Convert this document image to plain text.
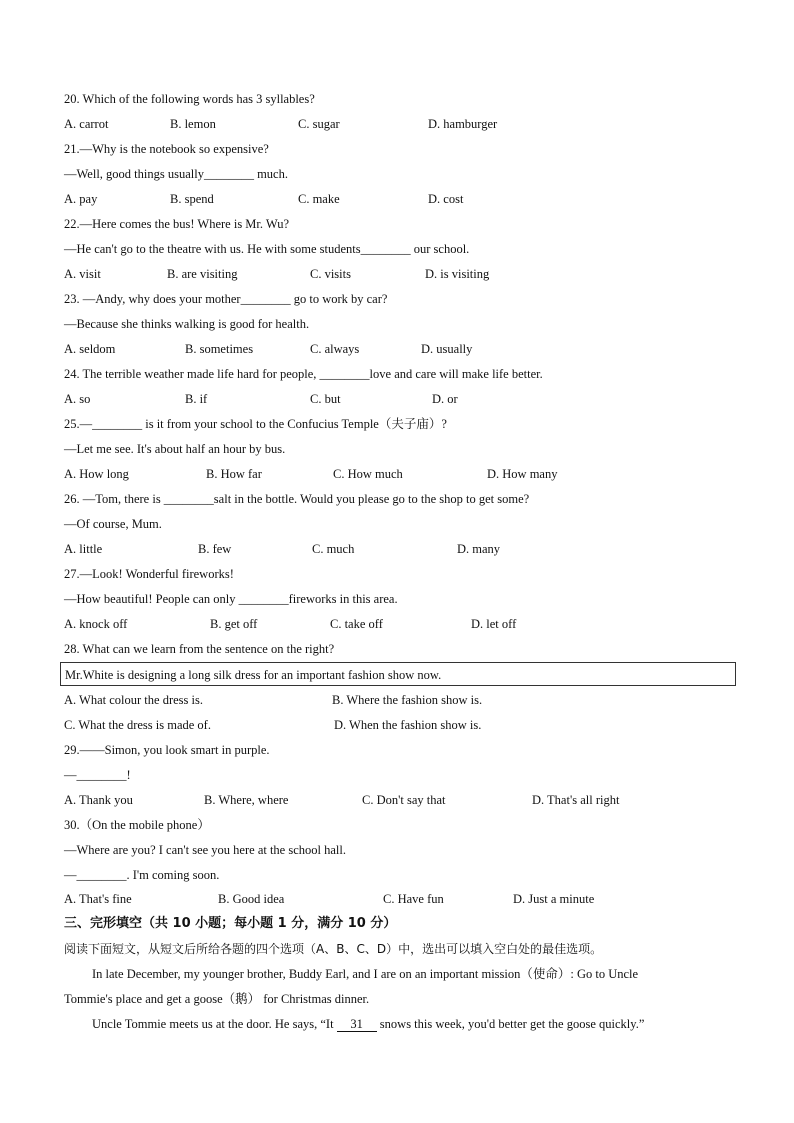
20. Which of the following words has 3 syllables?
A. carrot	B. lemon	C. sugar	D. hamburger
21.—Why is the notebook so expensive?
—Well, good things usually________ much.
A. pay	B. spend	C. make	D. cost
22.—Here comes the bus! Where is Mr. Wu?
—He can't go to the theatre with us. He with some students________ our school.
A. visit	B. are visiting	C. visits	D. is visiting
23. —Andy, why does your mother________ go to work by car?
—Because she thinks walking is good for health.
A. seldom	B. sometimes	C. always	D. usually
24. The terrible weather made life hard for people, ________love and care will make life better.
A. so	B. if	C. but	D. or
25.—________ is it from your school to the Confucius Temple（夫子庙）?
—Let me see. It's about half an hour by bus.
A. How long	B. How far	C. How much	D. How many
26. —Tom, there is ________salt in the bottle. Would you please go to the shop to get some?
—Of course, Mum.
A. little	B. few	C. much	D. many
27.—Look! Wonderful fireworks!
—How beautiful! People can only ________fireworks in this area.
A. knock off	B. get off	C. take off	D. let off
28. What can we learn from the sentence on the right?
Mr.White is designing a long silk dress for an important fashion show now.
A. What colour the dress is.	B. Where the fashion show is.
C. What the dress is made of.	D. When the fashion show is.
29.——Simon, you look smart in purple.
—________!
A. Thank you	B. Where, where	C. Don't say that	D. That's all right
30.（On the mobile phone）
—Where are you? I can't see you here at the school hall.
—________. I'm coming soon.
A. That's fine	B. Good idea	C. Have fun	D. Just a minute
三、完形填空（共 10 小题；每小题 1 分，满分 10 分）
阅读下面短文，从短文后所给各题的四个选项（A、B、C、D）中，选出可以填入空白处的最佳选项。
In late December, my younger brother, Buddy Earl, and I are on an important mission（使命）: Go to Uncle
Tommie's place and get a goose（鹅） for Christmas dinner.
Uncle Tommie meets us at the door. He says, “It 31 snows this week, you'd better get the goose quickly.”
